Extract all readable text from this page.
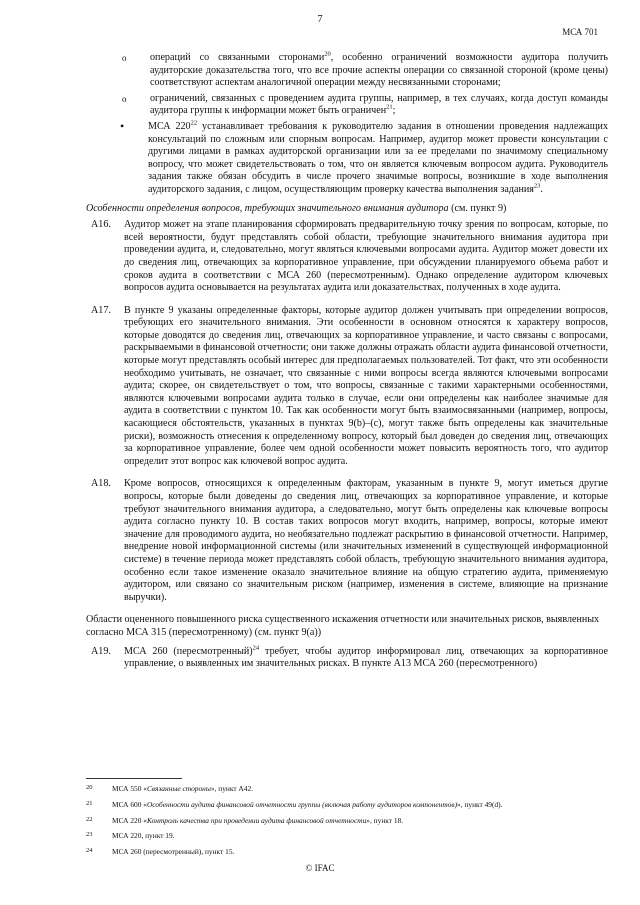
7
МСА 701
o операций со связанными сторонами$^{20}$, особенно ограничений возможности аудитора получить аудиторские доказательства того, что все прочие аспекты операции со связанной стороной (кроме цены) соответствуют аспектам аналогичной операции между несвязанными сторонами;
o ограничений, связанных с проведением аудита группы, например, в тех случаях, когда доступ команды аудитора группы к информации может быть ограничен$^{21}$;
• МСА $220^{22}$ устанавливает требования к руководителю задания в отношении проведения надлежащих консультаций по сложным или спорным вопросам. Например, аудитор может провести консультации с другими лицами в рамках аудиторской организации или за ее пределами по значимому специальному вопросу, что может свидетельствовать о том, что он является ключевым вопросом аудита. Руководитель задания также обязан обсудить в числе прочего значимые вопросы, возникшие в ходе выполнения аудиторского задания, с лицом, осуществляющим проверку качества выполнения задания$^{23}$.
Особенности определения вопросов, требующих значительного внимания аудитора (см. пункт 9)
A16. Аудитор может на этапе планирования сформировать предварительную точку зрения по вопросам, которые, по всей вероятности, будут представлять собой области, требующие значительного внимания аудитора при проведении аудита, и, следовательно, могут являться ключевыми вопросами аудита. Аудитор может довести их до сведения лиц, отвечающих за корпоративное управление, при обсуждении планируемого объема работ и сроков аудита в соответствии с МСА 260 (пересмотренным). Однако определение аудитором ключевых вопросов аудита основывается на результатах аудита или доказательствах, полученных в ходе аудита.
A17. В пункте 9 указаны определенные факторы, которые аудитор должен учитывать при определении вопросов, требующих его значительного внимания. Эти особенности в основном относятся к характеру вопросов, которые доводятся до сведения лиц, отвечающих за корпоративное управление, и часто связаны с вопросами, раскрываемыми в финансовой отчетности; они также должны отражать области аудита финансовой отчетности, которые могут представлять особый интерес для предполагаемых пользователей. Тот факт, что эти особенности необходимо учитывать, не означает, что связанные с ними вопросы всегда являются ключевыми вопросами аудита; скорее, он свидетельствует о том, что вопросы, связанные с такими характерными особенностями, являются ключевыми вопросами аудита только в случае, если они определены как наиболее значимые для аудита в соответствии с пунктом 10. Так как особенности могут быть взаимосвязанными (например, вопросы, касающиеся обстоятельств, указанных в пунктах 9(b)–(c), могут также быть определены как значительные риски), возможность отнесения к определенному вопросу, который был доведен до сведения лиц, отвечающих за корпоративное управление, более чем одной особенности может повысить вероятность того, что аудитор определит этот вопрос как ключевой вопрос аудита.
A18. Кроме вопросов, относящихся к определенным факторам, указанным в пункте 9, могут иметься другие вопросы, которые были доведены до сведения лиц, отвечающих за корпоративное управление, и которые требуют значительного внимания аудитора, а следовательно, могут быть определены как ключевые вопросы аудита согласно пункту 10. В состав таких вопросов могут входить, например, вопросы, которые имеют значение для проводимого аудита, но необязательно подлежат раскрытию в финансовой отчетности. Например, внедрение новой информационной системы (или значительных изменений в существующей информационной системе) в течение периода может представлять собой область, требующую значительного внимания аудитора, особенно если такое изменение оказало значительное влияние на общую стратегию аудита, применяемую аудитором, или связано со значительным риском (например, изменения в системе, влияющие на признание выручки).
Области оцененного повышенного риска существенного искажения отчетности или значительных рисков, выявленных согласно МСА 315 (пересмотренному) (см. пункт 9(a))
A19. МСА 260 (пересмотренный)$^{24}$ требует, чтобы аудитор информировал лиц, отвечающих за корпоративное управление, о выявленных им значительных рисках. В пункте A13 МСА 260 (пересмотренного)
20	МСА 550 «Связанные стороны», пункт A42.
21	МСА 600 «Особенности аудита финансовой отчетности группы (включая работу аудиторов компонентов)», пункт 49(d).
22	МСА 220 «Контроль качества при проведении аудита финансовой отчетности», пункт 18.
23	МСА 220, пункт 19.
24	МСА 260 (пересмотренный), пункт 15.
© IFAC
